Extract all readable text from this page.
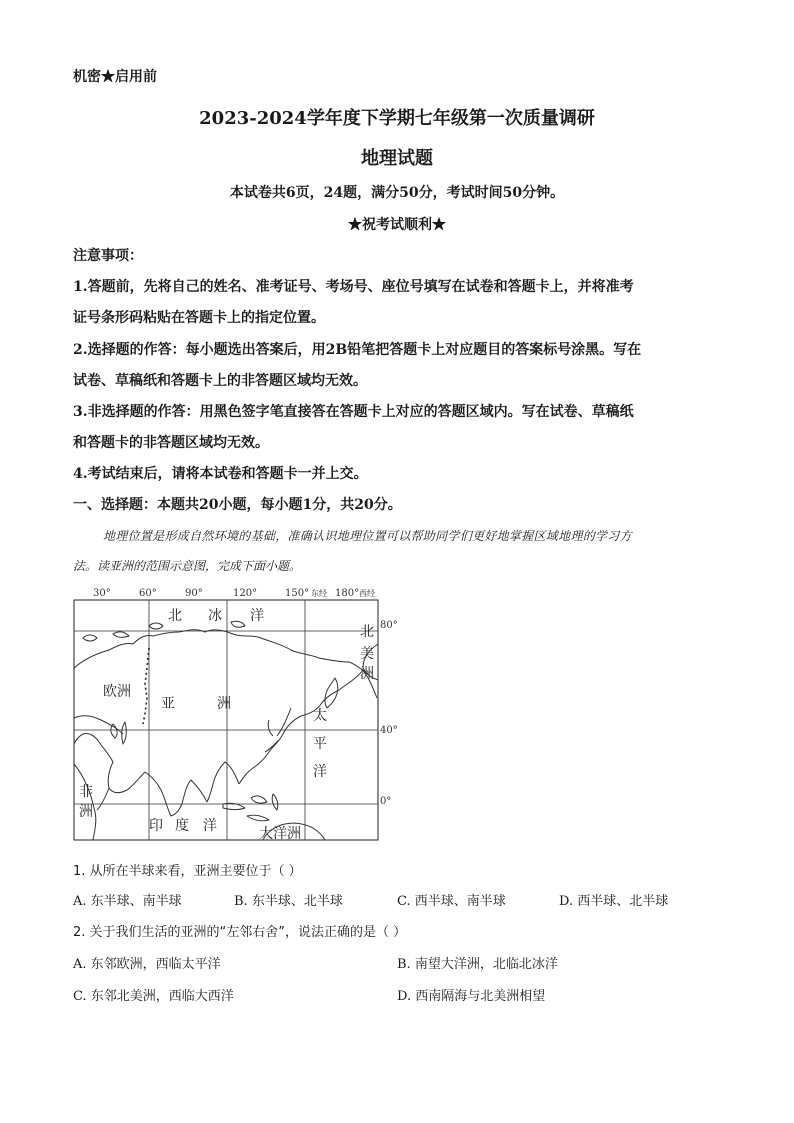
机密★启用前
2023-2024学年度下学期七年级第一次质量调研
地理试题
本试卷共6页，24题，满分50分，考试时间50分钟。
★祝考试顺利★
注意事项：
1.答题前，先将自己的姓名、准考证号、考场号、座位号填写在试卷和答题卡上，并将准考
证号条形码粘贴在答题卡上的指定位置。
2.选择题的作答：每小题选出答案后，用2B铅笔把答题卡上对应题目的答案标号涂黑。写在
试卷、草稿纸和答题卡上的非答题区域均无效。
3.非选择题的作答：用黑色签字笔直接答在答题卡上对应的答题区域内。写在试卷、草稿纸
和答题卡的非答题区域均无效。
4.考试结束后，请将本试卷和答题卡一并上交。
一、选择题：本题共20小题，每小题1分，共20分。
地理位置是形成自然环境的基础，准确认识地理位置可以帮助同学们更好地掌握区域地理的学习方
法。读亚洲的范围示意图，完成下面小题。
30°	60°	90°	120°	150° 东经 180° 西经
80°
40°
0°
北 冰 洋
北
美
洲
欧洲
亚	洲
太
平
洋
非
洲
印 度 洋	大洋洲
1. 从所在半球来看，亚洲主要位于（ ）
A. 东半球、南半球	B. 东半球、北半球	C. 西半球、南半球	D. 西半球、北半球
2. 关于我们生活的亚洲的“左邻右舍”，说法正确的是（ ）
A. 东邻欧洲，西临太平洋	B. 南望大洋洲，北临北冰洋
C. 东邻北美洲，西临大西洋	D. 西南隔海与北美洲相望
